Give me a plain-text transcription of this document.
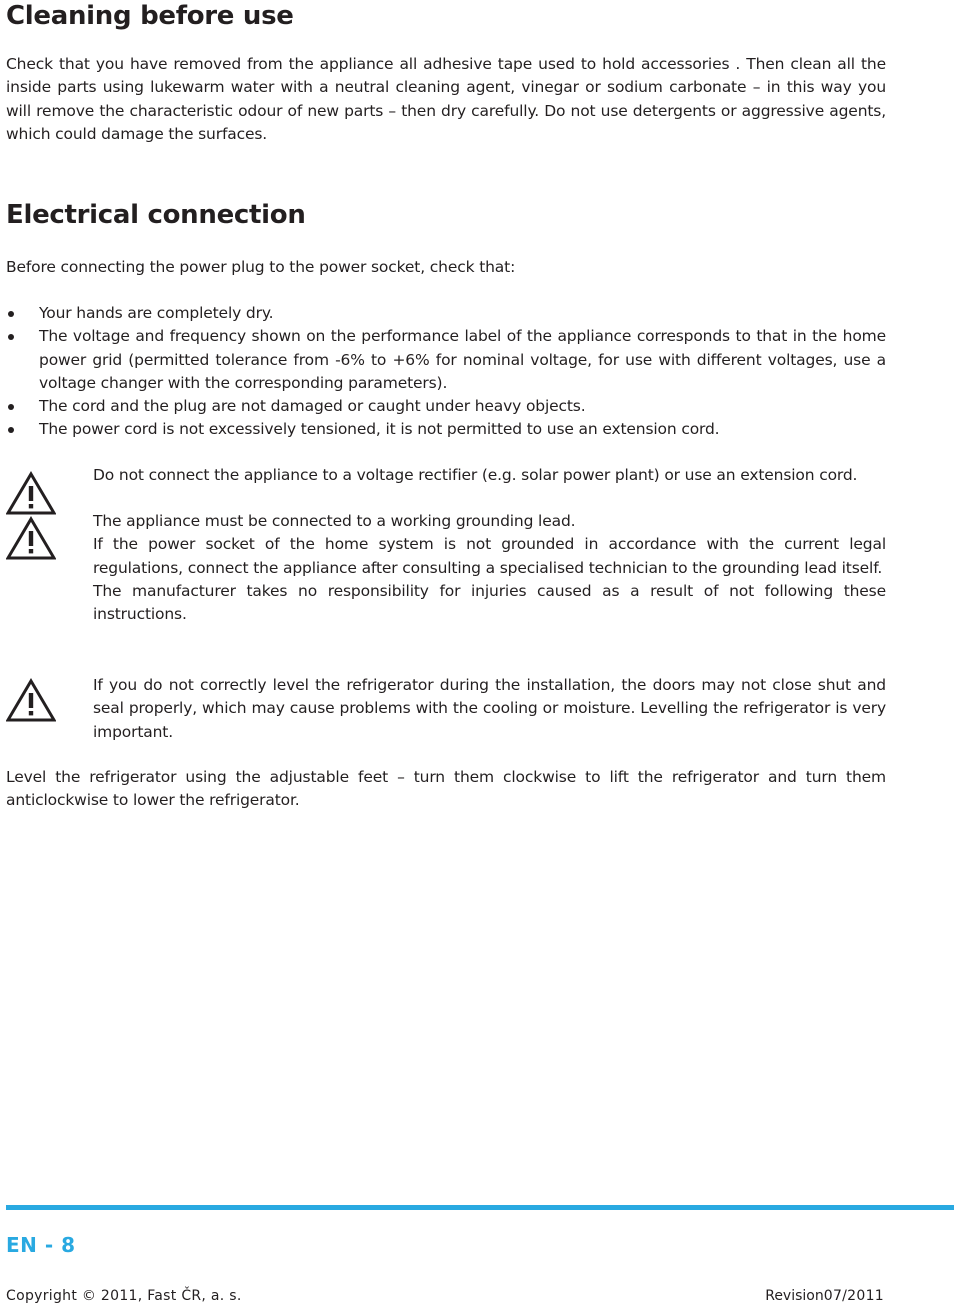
Cleaning before use

Check that you have removed from the appliance all adhesive tape used to hold accessories . Then clean all the inside parts using lukewarm water with a neutral cleaning agent, vinegar or sodium carbonate – in this way you will remove the characteristic odour of new parts – then dry carefully. Do not use detergents or aggressive agents, which could damage the surfaces.

Electrical connection

Before connecting the power plug to the power socket, check that:

Your hands are completely dry.
The voltage and frequency shown on the performance label of the appliance corresponds to that in the home power grid (permitted tolerance from -6% to +6% for nominal voltage, for use with different voltages, use a voltage changer with the corresponding parameters).
The cord and the plug are not damaged or caught under heavy objects.
The power cord is not excessively tensioned, it is not permitted to use an extension cord.

Do not connect the appliance to a voltage rectifier (e.g. solar power plant) or use an extension cord.

The appliance must be connected to a working grounding lead.

If the power socket of the home system is not grounded in accordance with the current legal regulations, connect the appliance after consulting a specialised technician to the grounding lead itself.

The manufacturer takes no responsibility for injuries caused as a result of not following these instructions.

If you do not correctly level the refrigerator during the installation, the doors may not close shut and seal properly, which may cause problems with the cooling or moisture. Levelling the refrigerator is very important.

Level the refrigerator using the adjustable feet – turn them clockwise to lift the refrigerator and turn them anticlockwise to lower the refrigerator.

EN - 8
Copyright © 2011, Fast ČR, a. s.	Revision07/2011
